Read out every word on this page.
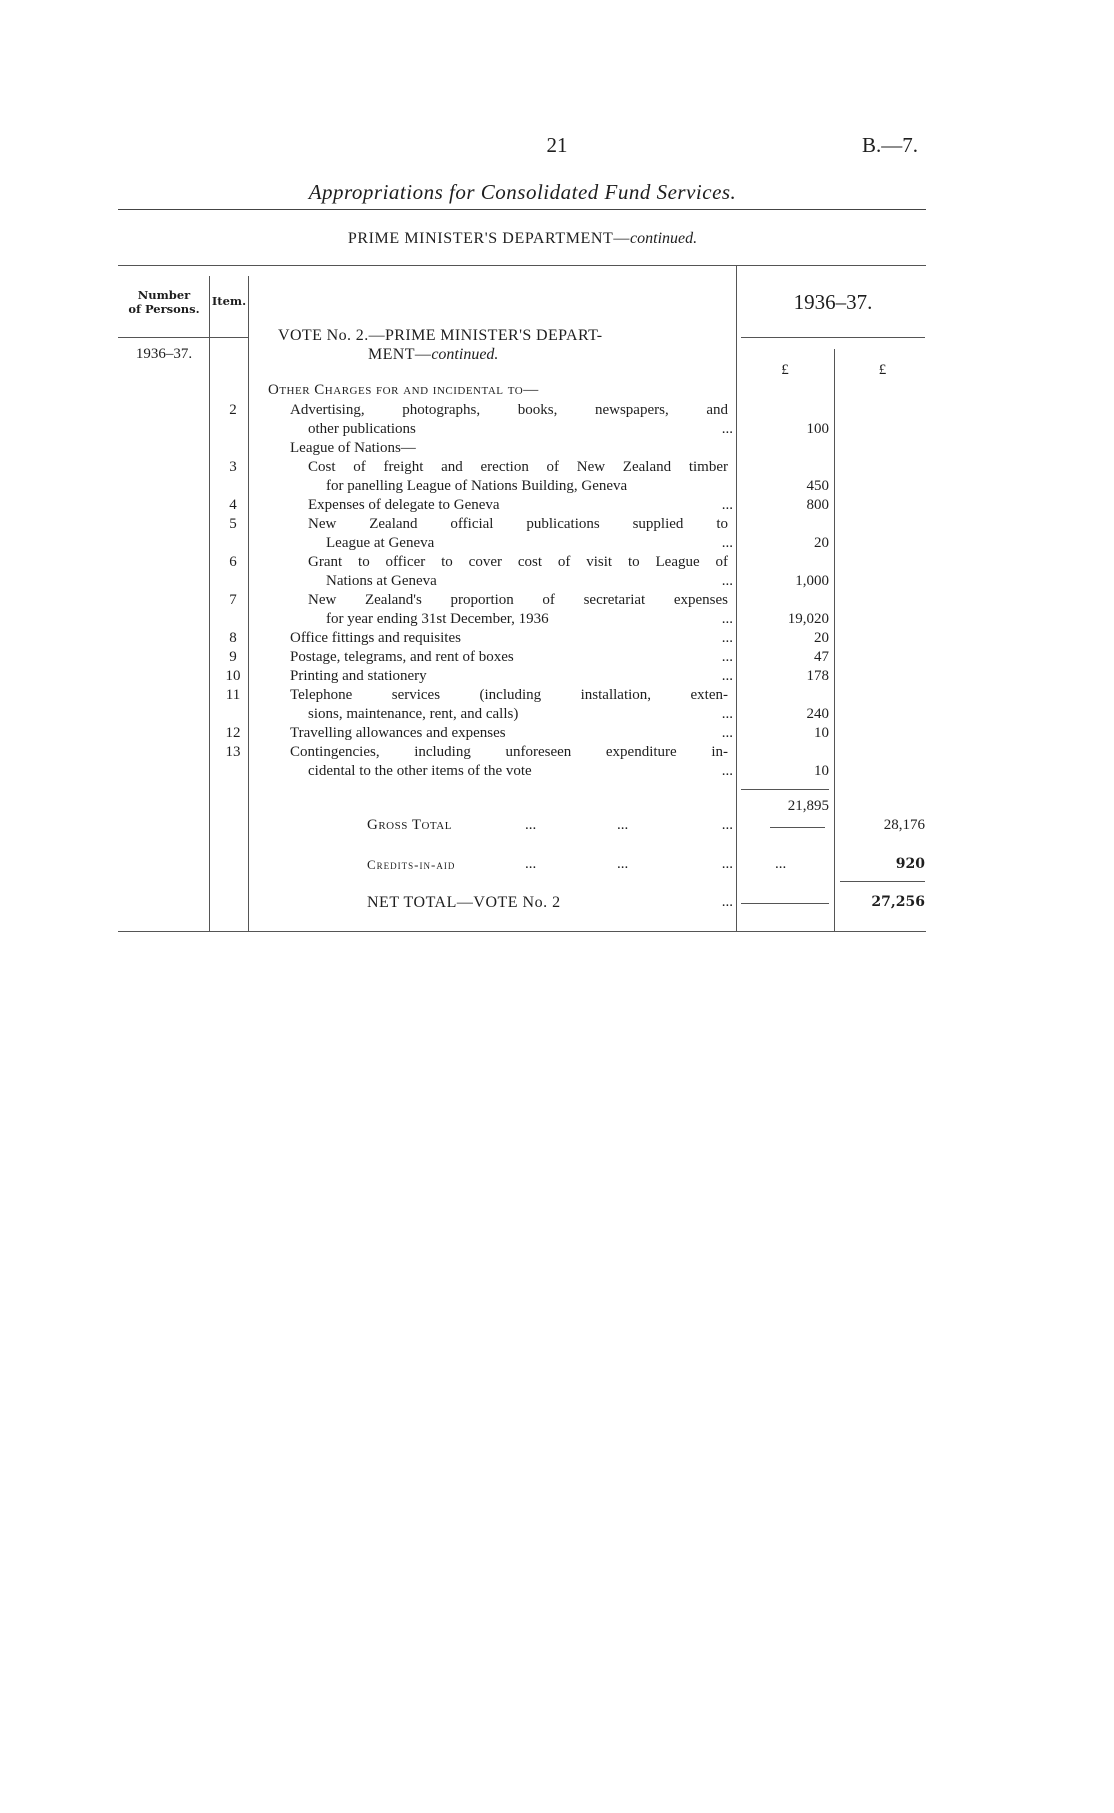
21	B.—7.
Appropriations for Consolidated Fund Services.
PRIME MINISTER'S DEPARTMENT—continued.
Number
of Persons.
Item.	1936–37.
1936–37.
£	£
VOTE No. 2.—PRIME MINISTER'S DEPART-
MENT—continued.
Other Charges for and incidental to—
2	Advertising, photographs, books, newspapers, and
other publications	...	100
League of Nations—
3	Cost of freight and erection of New Zealand timber
for panelling League of Nations Building, Geneva	450
4	Expenses of delegate to Geneva	...	800
5	New Zealand official publications supplied to
League at Geneva	...	20
6	Grant to officer to cover cost of visit to League of
Nations at Geneva	...	1,000
7	New Zealand's proportion of secretariat expenses
for year ending 31st December, 1936	...	19,020
8	Office fittings and requisites	...	20
9	Postage, telegrams, and rent of boxes	...	47
10	Printing and stationery	...	178
11	Telephone services (including installation, exten-
sions, maintenance, rent, and calls)	...	240
12	Travelling allowances and expenses	...	10
13	Contingencies, including unforeseen expenditure in-
cidental to the other items of the vote	...	10
21,895
Gross Total	...	...	...	28,176
Credits-in-aid	...	...	...	...	920
NET TOTAL—VOTE No. 2	...	27,256
